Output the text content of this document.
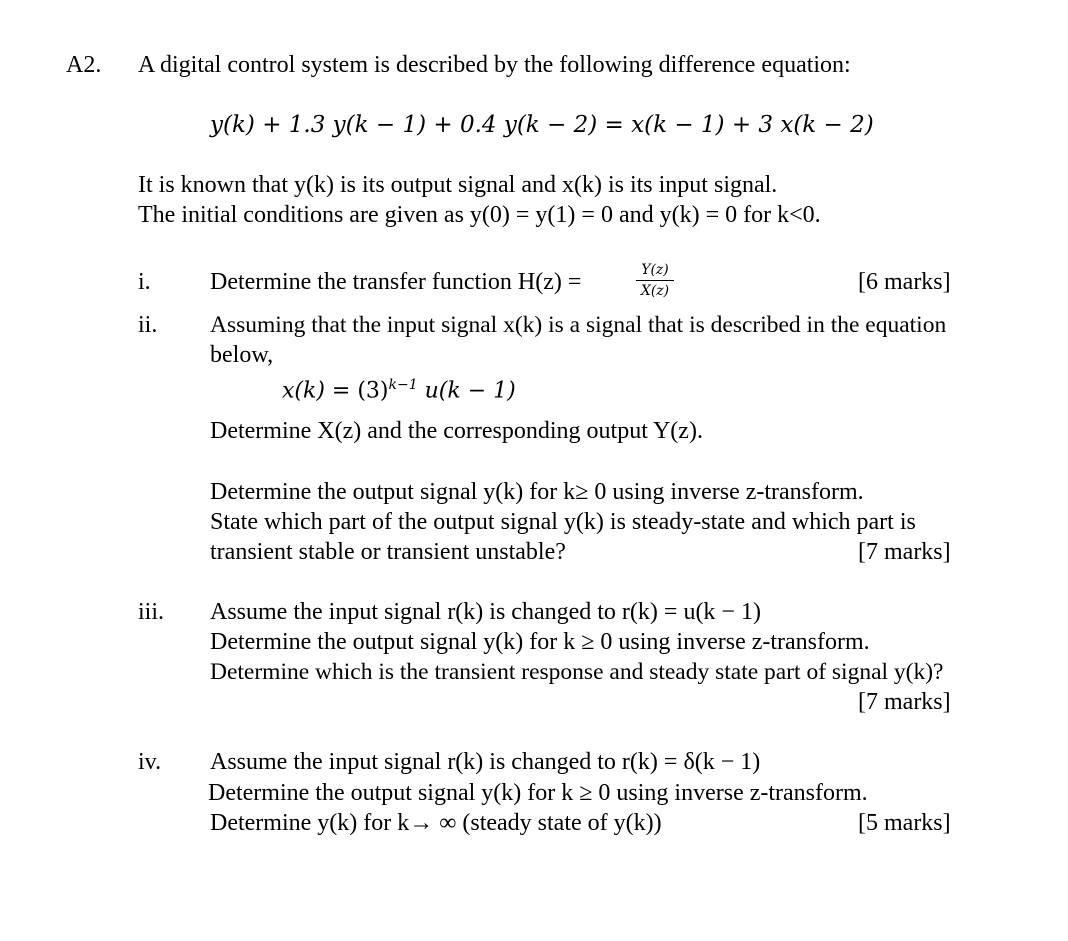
A2. A digital control system is described by the following difference equation:
y(k) + 1.3 y(k − 1) + 0.4 y(k − 2) = x(k − 1) + 3 x(k − 2)
It is known that y(k) is its output signal and x(k) is its input signal.
The initial conditions are given as y(0) = y(1) = 0 and y(k) = 0 for k<0.
i. Determine the transfer function H(z) =	Y(z)
X(z)	[6 marks]
ii. Assuming that the input signal x(k) is a signal that is described in the equation
below,
$x(k) = (3)^{k-1}$ u(k − 1)
Determine X(z) and the corresponding output Y(z).
Determine the output signal y(k) for k≥ 0 using inverse z-transform.
State which part of the output signal y(k) is steady-state and which part is
transient stable or transient unstable?	[7 marks]
iii. Assume the input signal r(k) is changed to r(k) = u(k − 1)
Determine the output signal y(k) for k ≥ 0 using inverse z-transform.
Determine which is the transient response and steady state part of signal y(k)?
[7 marks]
iv. Assume the input signal r(k) is changed to r(k) = δ(k − 1)
Determine the output signal y(k) for k ≥ 0 using inverse z-transform.
Determine y(k) for k→ ∞ (steady state of y(k))	[5 marks]
